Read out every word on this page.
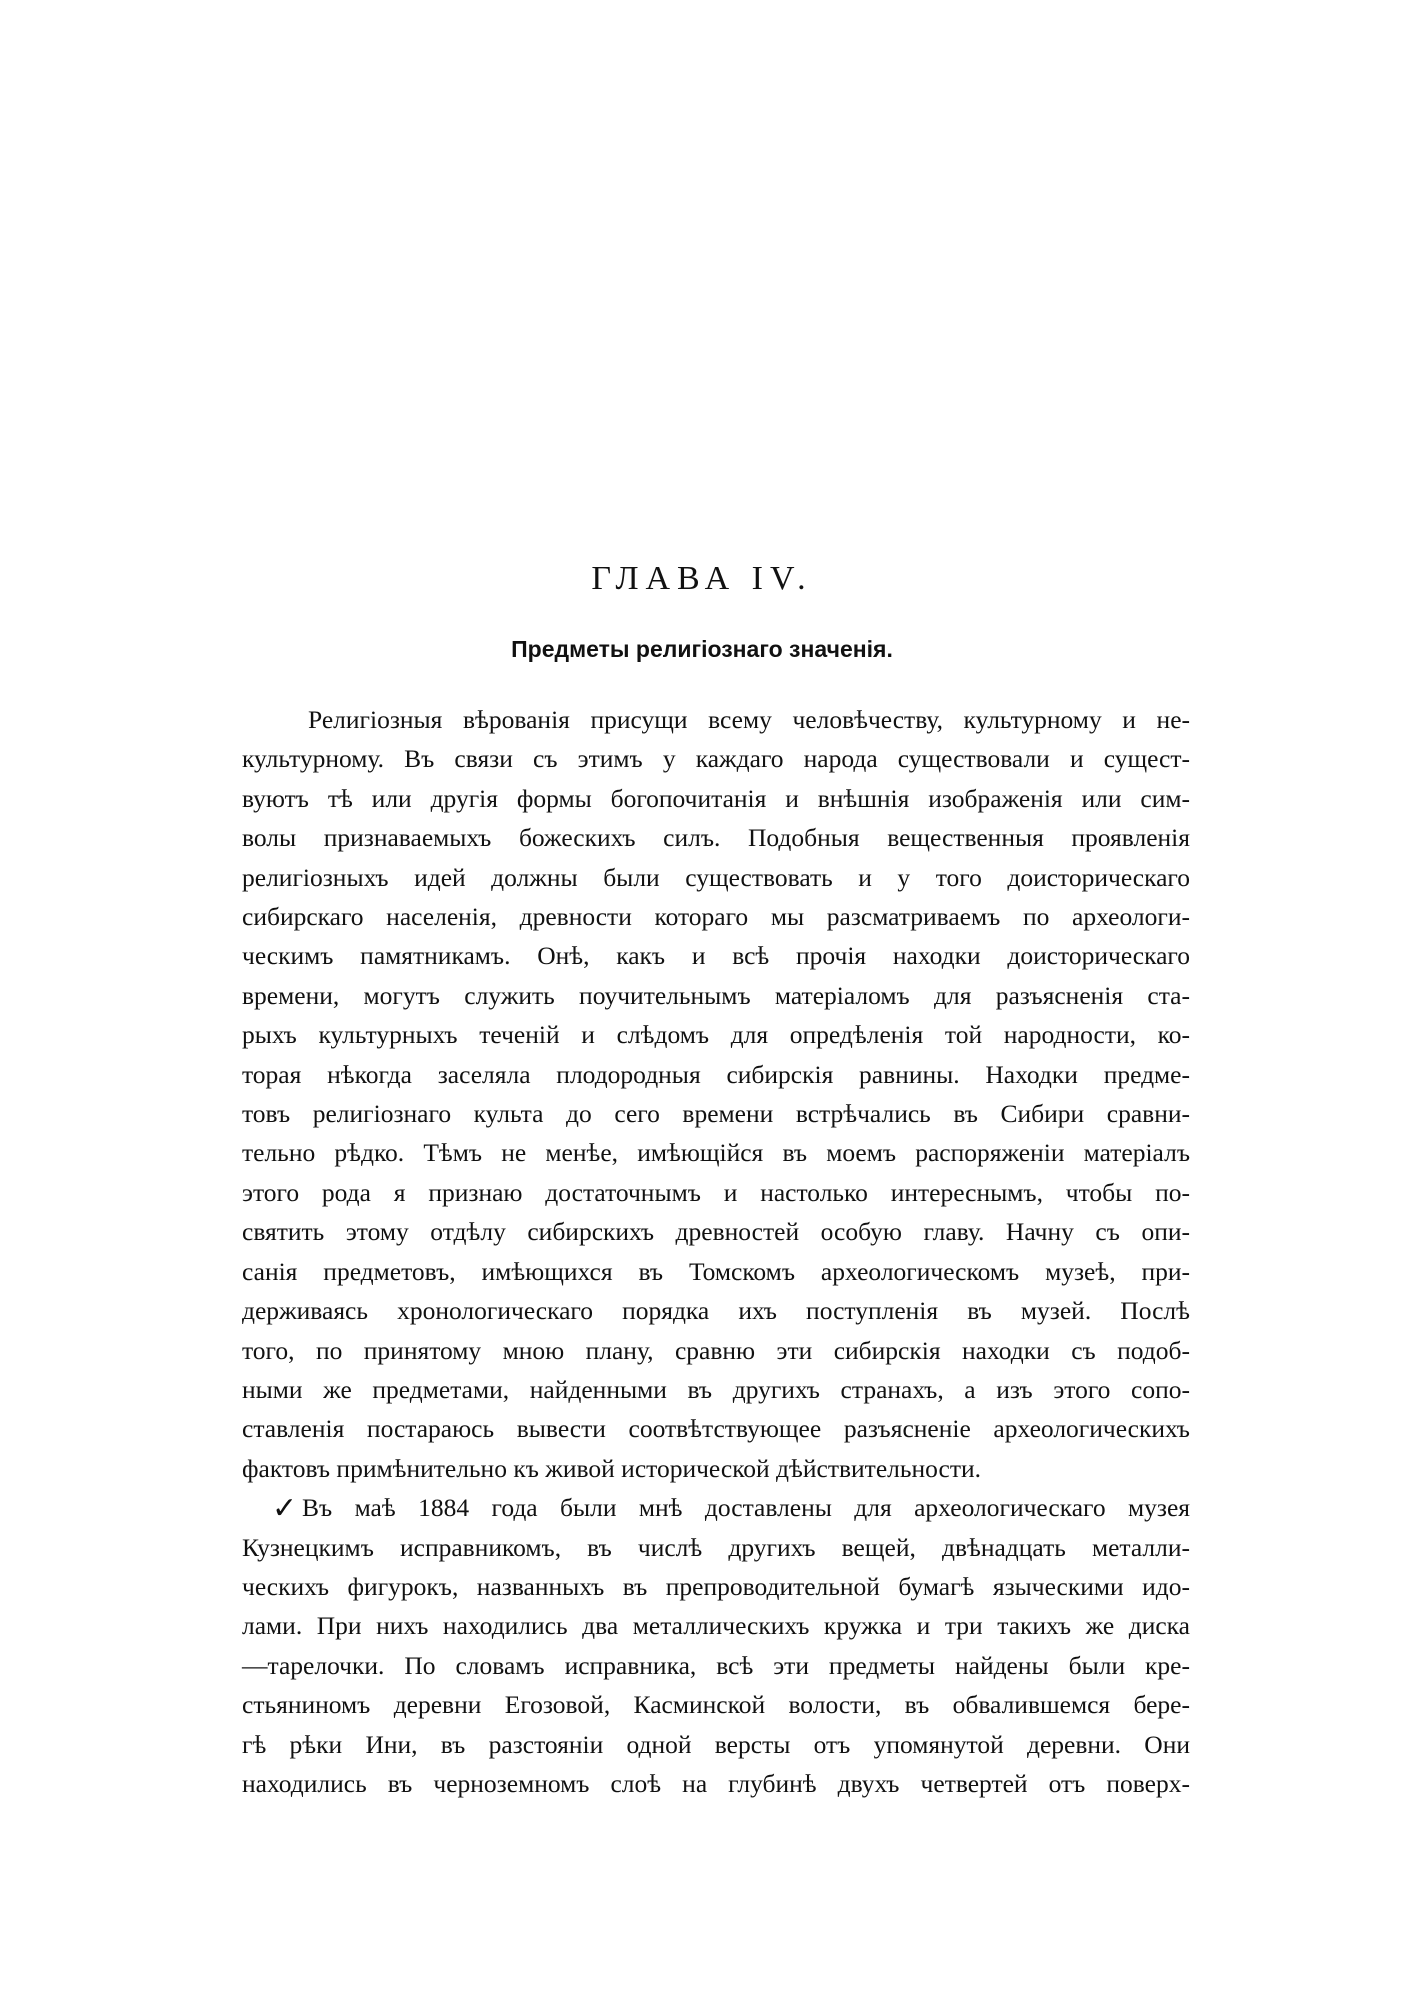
ГЛАВА IV.
Предметы религiознаго значенія.

Религiозныя вѣрованія присущи всему человѣчеству, культурному и не-
культурному. Въ связи съ этимъ у каждаго народа существовали и сущест-
вуютъ тѣ или другія формы богопочитанія и внѣшнія изображенія или сим-
волы признаваемыхъ божескихъ силъ. Подобныя вещественныя проявленія
религіозныхъ идей должны были существовать и у того доисторическаго
сибирскаго населенія, древности котораго мы разсматриваемъ по археологи-
ческимъ памятникамъ. Онѣ, какъ и всѣ прочія находки доисторическаго
времени, могутъ служить поучительнымъ матеріаломъ для разъясненія ста-
рыхъ культурныхъ теченій и слѣдомъ для опредѣленія той народности, ко-
торая нѣкогда заселяла плодородныя сибирскія равнины. Находки предме-
товъ религіознаго культа до сего времени встрѣчались въ Сибири сравни-
тельно рѣдко. Тѣмъ не менѣе, имѣющійся въ моемъ распоряженіи матеріалъ
этого рода я признаю достаточнымъ и настолько интереснымъ, чтобы по-
святить этому отдѣлу сибирскихъ древностей особую главу. Начну съ опи-
санія предметовъ, имѣющихся въ Томскомъ археологическомъ музеѣ, при-
держиваясь хронологическаго порядка ихъ поступленія въ музей. Послѣ
того, по принятому мною плану, сравню эти сибирскія находки съ подоб-
ными же предметами, найденными въ другихъ странахъ, а изъ этого сопо-
ставленія постараюсь вывести соотвѣтствующее разъясненіе археологическихъ
фактовъ примѣнительно къ живой исторической дѣйствительности.

✓ Въ маѣ 1884 года были мнѣ доставлены для археологическаго музея
Кузнецкимъ исправникомъ, въ числѣ другихъ вещей, двѣнадцать металли-
ческихъ фигурокъ, названныхъ въ препроводительной бумагѣ языческими идо-
лами. При нихъ находились два металлическихъ кружка и три такихъ же диска
—тарелочки. По словамъ исправника, всѣ эти предметы найдены были кре-
стьяниномъ деревни Егозовой, Касминской волости, въ обвалившемся бере-
гѣ рѣки Ини, въ разстояніи одной версты отъ упомянутой деревни. Они
находились въ черноземномъ слоѣ на глубинѣ двухъ четвертей отъ поверх-
